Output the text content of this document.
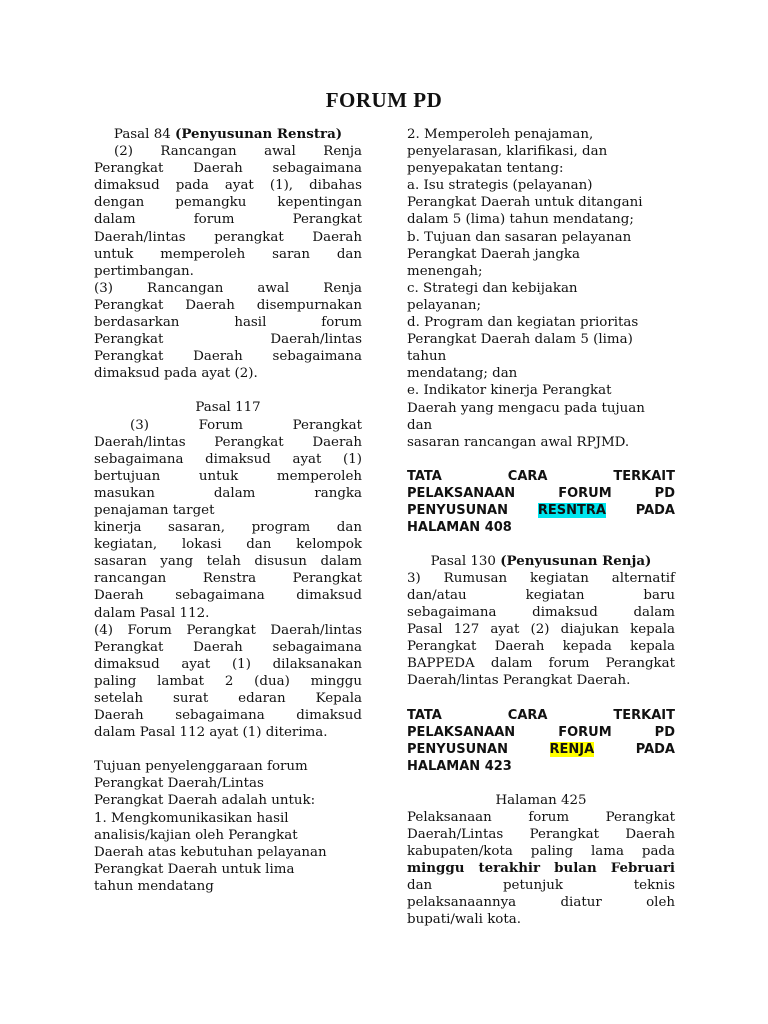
FORUM PD

Pasal 84 (Penyusunan Renstra)

(2) Rancangan awal Renja

Perangkat Daerah sebagaimana

dimaksud pada ayat (1), dibahas

dengan pemangku kepentingan

dalam forum Perangkat

Daerah/lintas perangkat Daerah

untuk memperoleh saran dan

pertimbangan.

(3) Rancangan awal Renja

Perangkat Daerah disempurnakan

berdasarkan hasil forum

Perangkat Daerah/lintas

Perangkat Daerah sebagaimana

dimaksud pada ayat (2).

Pasal 117

(3) Forum Perangkat

Daerah/lintas Perangkat Daerah

sebagaimana dimaksud ayat (1)

bertujuan untuk memperoleh

masukan dalam rangka

penajaman target

kinerja sasaran, program dan

kegiatan, lokasi dan kelompok

sasaran yang telah disusun dalam

rancangan Renstra Perangkat

Daerah sebagaimana dimaksud

dalam Pasal 112.

(4) Forum Perangkat Daerah/lintas

Perangkat Daerah sebagaimana

dimaksud ayat (1) dilaksanakan

paling lambat 2 (dua) minggu

setelah surat edaran Kepala

Daerah sebagaimana dimaksud

dalam Pasal 112 ayat (1) diterima.

Tujuan penyelenggaraan forum

Perangkat Daerah/Lintas

Perangkat Daerah adalah untuk:

1. Mengkomunikasikan hasil

analisis/kajian oleh Perangkat

Daerah atas kebutuhan pelayanan

Perangkat Daerah untuk lima

tahun mendatang

2. Memperoleh penajaman,

penyelarasan, klarifikasi, dan

penyepakatan tentang:

a. Isu strategis (pelayanan)

Perangkat Daerah untuk ditangani

dalam 5 (lima) tahun mendatang;

b. Tujuan dan sasaran pelayanan

Perangkat Daerah jangka

menengah;

c. Strategi dan kebijakan

pelayanan;

d. Program dan kegiatan prioritas

Perangkat Daerah dalam 5 (lima)

tahun

mendatang; dan

e. Indikator kinerja Perangkat

Daerah yang mengacu pada tujuan

dan

sasaran rancangan awal RPJMD.

TATA CARA TERKAIT

PELAKSANAAN FORUM PD

PENYUSUNAN RESNTRA PADA

HALAMAN 408

Pasal 130 (Penyusunan Renja)

3) Rumusan kegiatan alternatif

dan/atau kegiatan baru

sebagaimana dimaksud dalam

Pasal 127 ayat (2) diajukan kepala

Perangkat Daerah kepada kepala

BAPPEDA dalam forum Perangkat

Daerah/lintas Perangkat Daerah.

TATA CARA TERKAIT

PELAKSANAAN FORUM PD

PENYUSUNAN RENJA PADA

HALAMAN 423

Halaman 425

Pelaksanaan forum Perangkat

Daerah/Lintas Perangkat Daerah

kabupaten/kota paling lama pada

minggu terakhir bulan Februari

dan petunjuk teknis

pelaksanaannya diatur oleh

bupati/wali kota.
